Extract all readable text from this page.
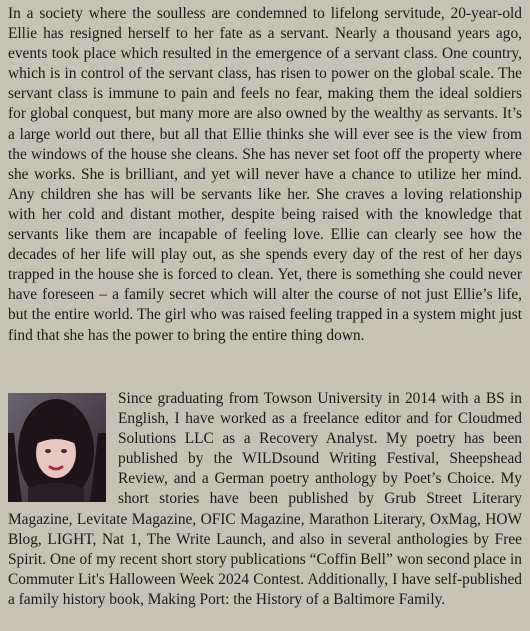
In a society where the soulless are condemned to lifelong servitude, 20-year-old Ellie has resigned herself to her fate as a servant. Nearly a thousand years ago, events took place which resulted in the emergence of a servant class. One country, which is in control of the servant class, has risen to power on the global scale. The servant class is immune to pain and feels no fear, making them the ideal soldiers for global conquest, but many more are also owned by the wealthy as servants. It’s a large world out there, but all that Ellie thinks she will ever see is the view from the windows of the house she cleans. She has never set foot off the property where she works. She is brilliant, and yet will never have a chance to utilize her mind. Any children she has will be servants like her. She craves a loving relationship with her cold and distant mother, despite being raised with the knowledge that servants like them are incapable of feeling love. Ellie can clearly see how the decades of her life will play out, as she spends every day of the rest of her days trapped in the house she is forced to clean. Yet, there is something she could never have foreseen – a family secret which will alter the course of not just Ellie’s life, but the entire world. The girl who was raised feeling trapped in a system might just find that she has the power to bring the entire thing down.

Since graduating from Towson University in 2014 with a BS in English, I have worked as a freelance editor and for Cloudmed Solutions LLC as a Recovery Analyst. My poetry has been published by the WILDsound Writing Festival, Sheepshead Review, and a German poetry anthology by Poet’s Choice. My short stories have been published by Grub Street Literary Magazine, Levitate Magazine, OFIC Magazine, Marathon Literary, OxMag, HOW Blog, LIGHT, Nat 1, The Write Launch, and also in several anthologies by Free Spirit. One of my recent short story publications “Coffin Bell” won second place in Commuter Lit's Halloween Week 2024 Contest. Additionally, I have self-published a family history book, Making Port: the History of a Baltimore Family.
